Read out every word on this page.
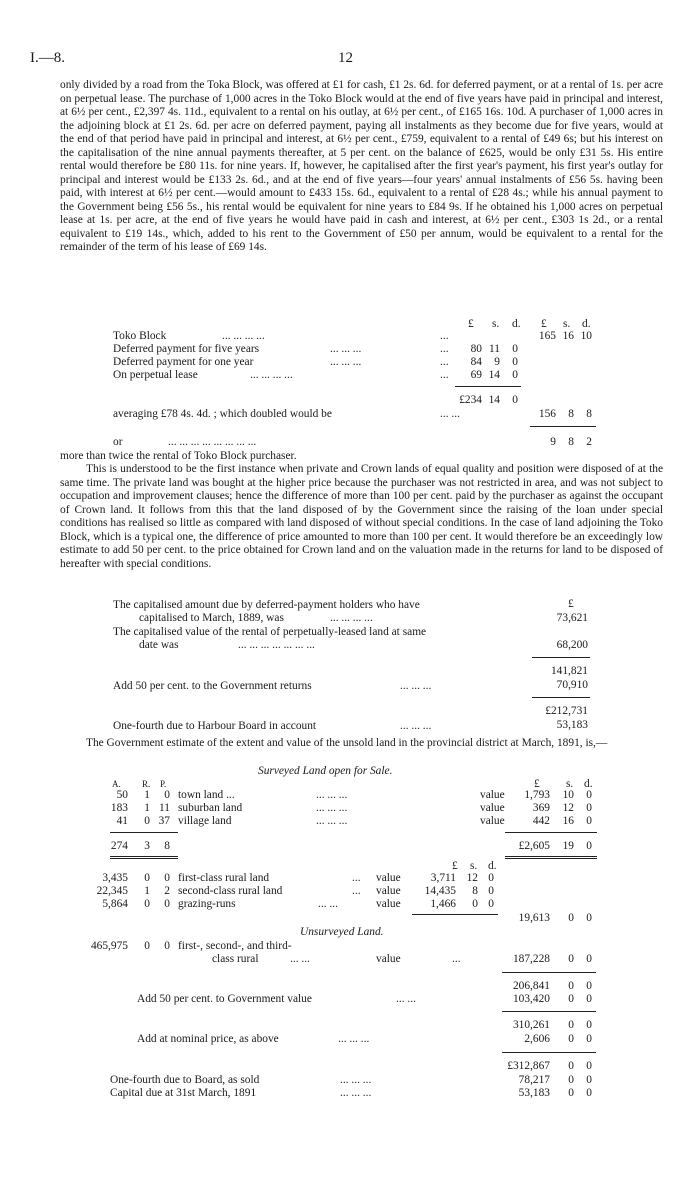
I.—8.	12

only divided by a road from the Toka Block, was offered at £1 for cash, £1 2s. 6d. for deferred payment, or at a rental of 1s. per acre on perpetual lease. The purchase of 1,000 acres in the Toko Block would at the end of five years have paid in principal and interest, at 6½ per cent., £2,397 4s. 11d., equivalent to a rental on his outlay, at 6½ per cent., of £165 16s. 10d. A purchaser of 1,000 acres in the adjoining block at £1 2s. 6d. per acre on deferred payment, paying all instalments as they become due for five years, would at the end of that period have paid in principal and interest, at 6½ per cent., £759, equivalent to a rental of £49 6s; but his interest on the capitalisation of the nine annual payments thereafter, at 5 per cent. on the balance of £625, would be only £31 5s. His entire rental would therefore be £80 11s. for nine years. If, however, he capitalised after the first year's payment, his first year's outlay for principal and interest would be £133 2s. 6d., and at the end of five years—four years' annual instalments of £56 5s. having been paid, with interest at 6½ per cent.—would amount to £433 15s. 6d., equivalent to a rental of £28 4s.; while his annual payment to the Government being £56 5s., his rental would be equivalent for nine years to £84 9s. If he obtained his 1,000 acres on perpetual lease at 1s. per acre, at the end of five years he would have paid in cash and interest, at 6½ per cent., £303 1s 2d., or a rental equivalent to £19 14s., which, added to his rent to the Government of £50 per annum, would be equivalent to a rental for the remainder of the term of his lease of £69 14s.

£ s. d. £ s. d.
Toko Block	... ... ... ...	...	165 16 10
Deferred payment for five years	... ... ...	...	80 11	0
Deferred payment for one year	... ... ...	...	84	9	0
On perpetual lease	... ... ... ...	...	69 14	0
£234 14	0
averaging £78 4s. 4d. ; which doubled would be	... ...	156	8	8
or	... ... ... ... ... ... ... ...	9	8	2
more than twice the rental of Toko Block purchaser.

This is understood to be the first instance when private and Crown lands of equal quality and position were disposed of at the same time. The private land was bought at the higher price because the purchaser was not restricted in area, and was not subject to occupation and improvement clauses; hence the difference of more than 100 per cent. paid by the purchaser as against the occupant of Crown land. It follows from this that the land disposed of by the Government since the raising of the loan under special conditions has realised so little as compared with land disposed of without special conditions. In the case of land adjoining the Toko Block, which is a typical one, the difference of price amounted to more than 100 per cent. It would therefore be an exceedingly low estimate to add 50 per cent. to the price obtained for Crown land and on the valuation made in the returns for land to be disposed of hereafter with special conditions.

£
The capitalised amount due by deferred-payment holders who have
capitalised to March, 1889, was	... ... ... ...	73,621
The capitalised value of the rental of perpetually-leased land at same
date was	... ... ... ... ... ... ...	68,200
141,821
Add 50 per cent. to the Government returns	... ... ...	70,910
£212,731
One-fourth due to Harbour Board in account	... ... ...	53,183

The Government estimate of the extent and value of the unsold land in the provincial district at March, 1891, is,—

Surveyed Land open for Sale.
A. R. P.	£ s. d.
50	1	0 town land ...	... ... ...	value	1,793	10	0
183	1 11 suburban land	... ... ...	value	369	12	0
41	0 37 village land	... ... ...	value	442	16	0
274	3	8	£2,605	19	0
£ s. d.
3,435	0	0 first-class rural land	... value	3,711 12 0
22,345	1	2 second-class rural land	... value	14,435	8 0
5,864	0	0 grazing-runs	... ...	value	1,466	0 0
19,613	0	0
Unsurveyed Land.
465,975	0	0 first-, second-, and third-
class rural	... ...	value	...	187,228	0	0
206,841	0	0
Add 50 per cent. to Government value	... ...	103,420	0	0
310,261	0	0
Add at nominal price, as above	... ... ...	2,606	0	0
£312,867	0	0
One-fourth due to Board, as sold	... ... ...	78,217	0	0
Capital due at 31st March, 1891	... ... ...	53,183	0	0
